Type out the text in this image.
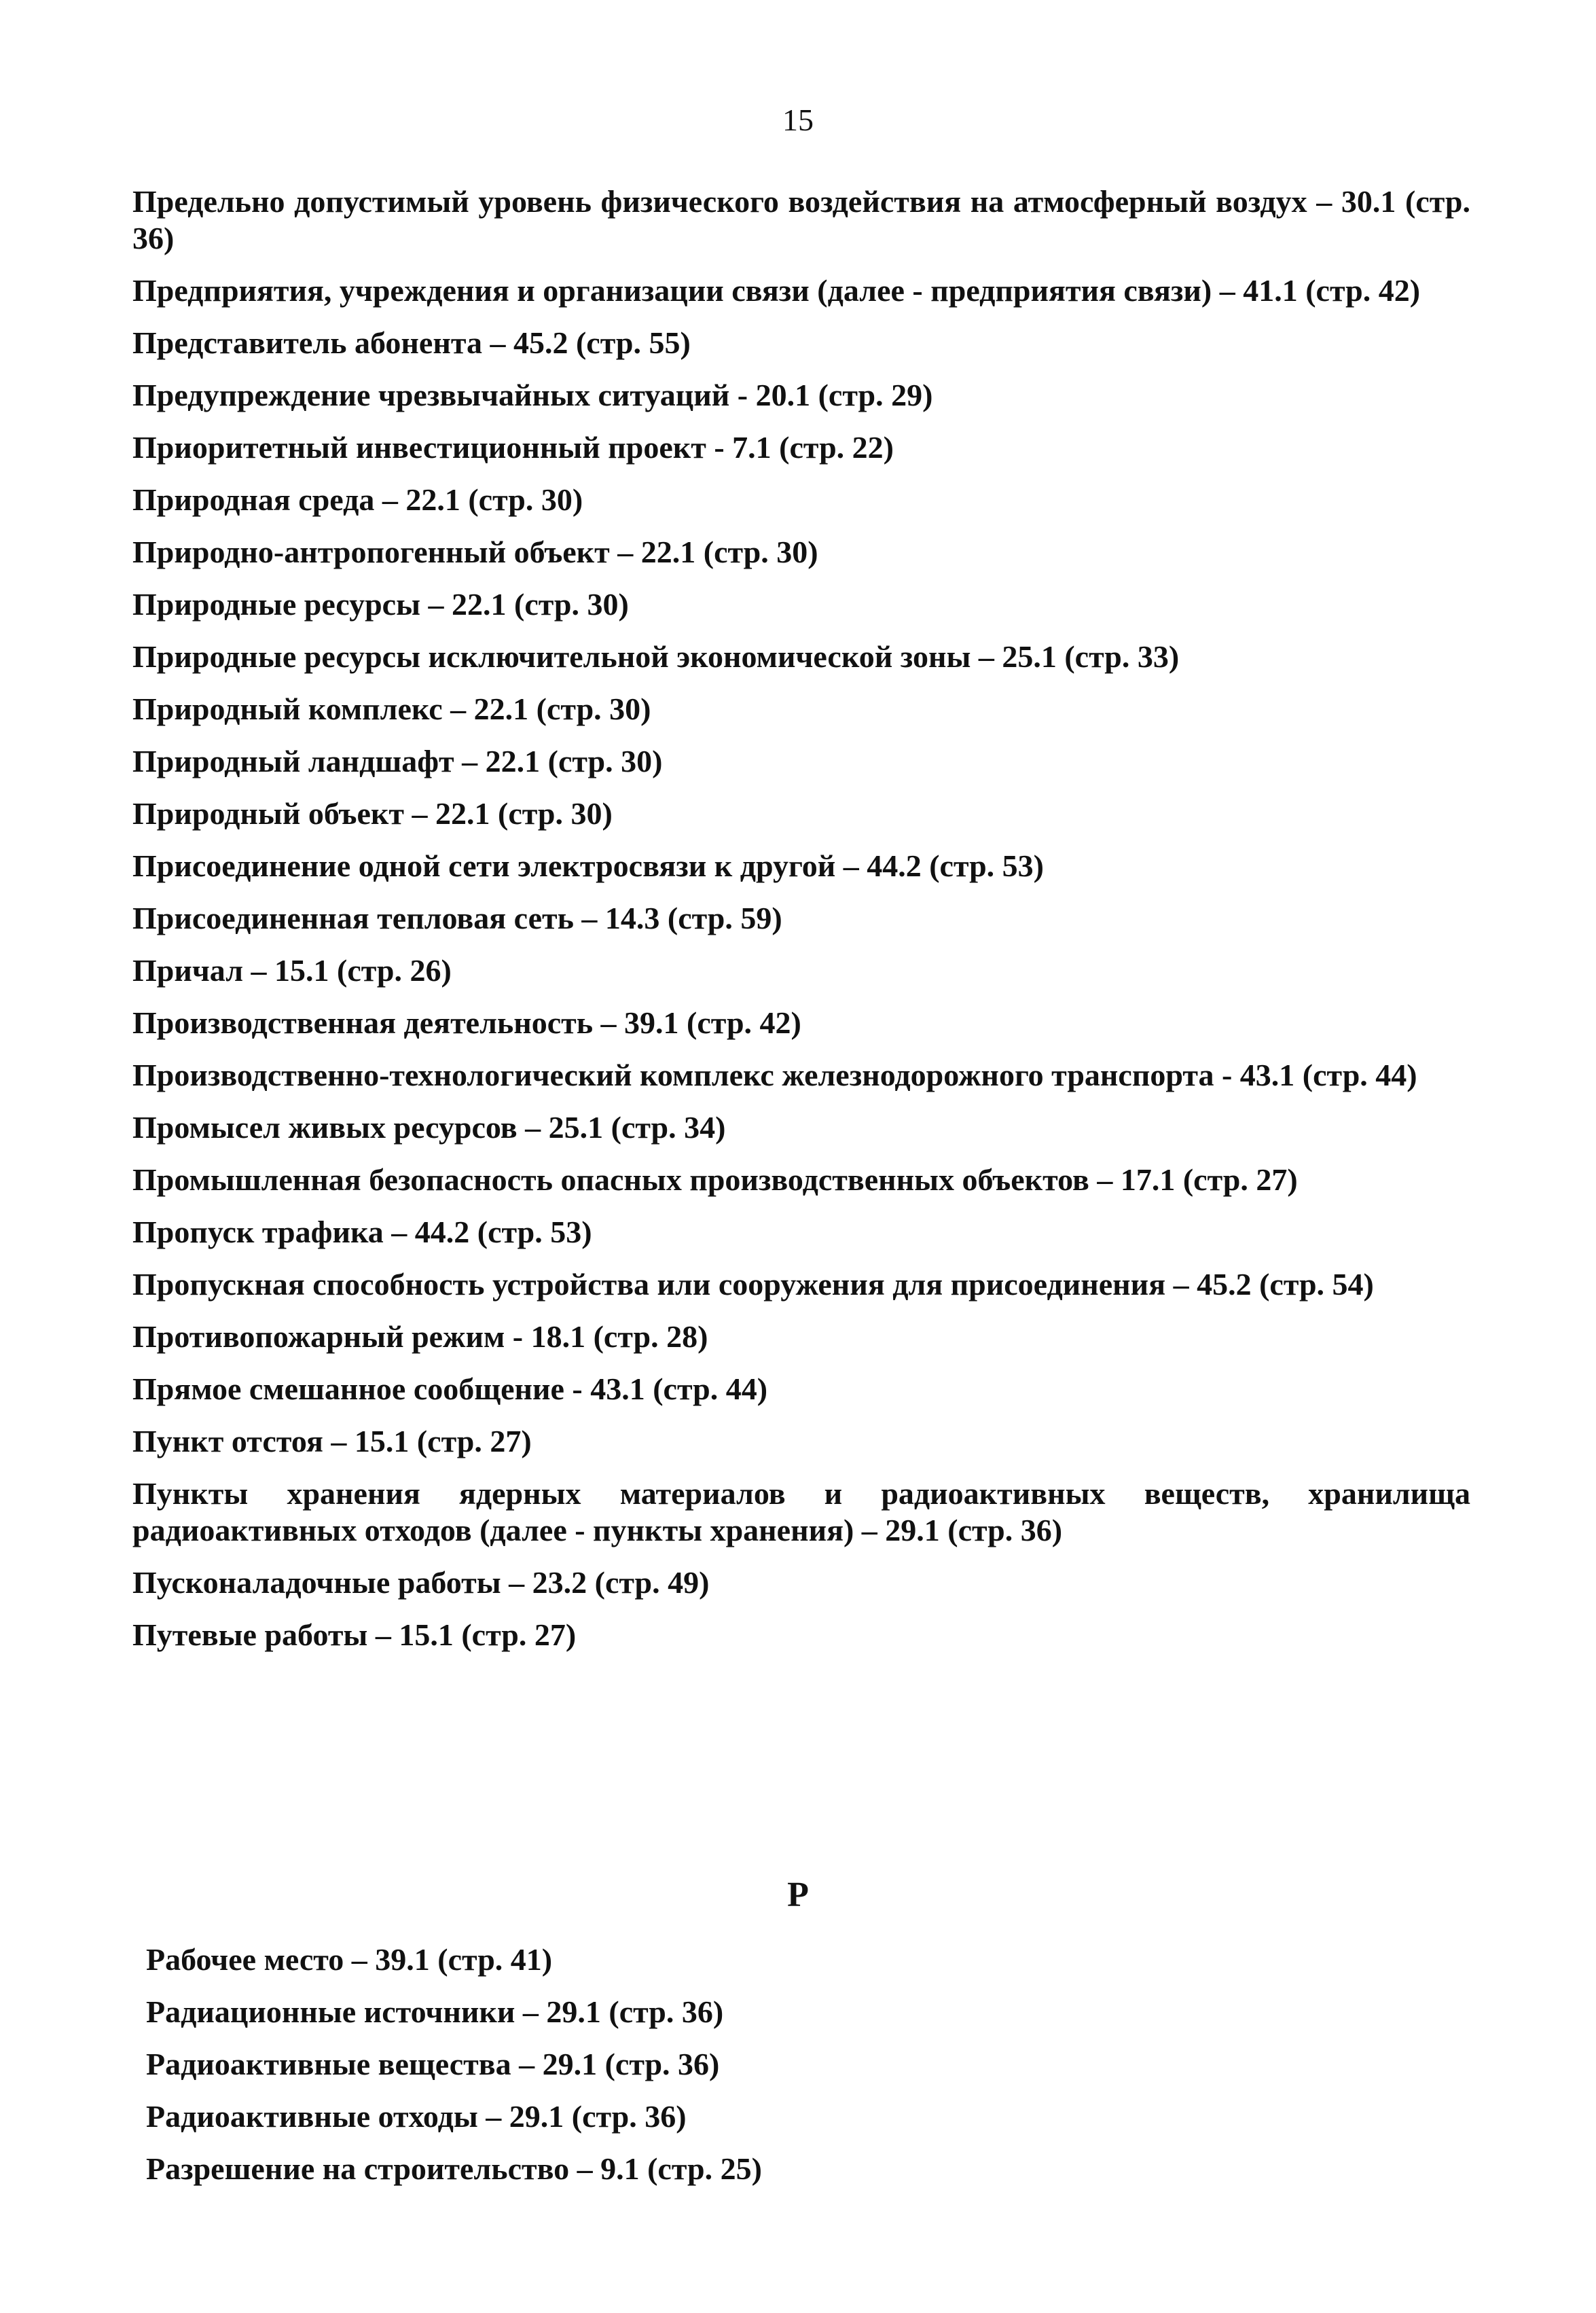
15
Предельно допустимый уровень физического воздействия на атмосферный воздух – 30.1 (стр. 36)
Предприятия, учреждения и организации связи (далее - предприятия связи) – 41.1 (стр. 42)
Представитель абонента – 45.2 (стр. 55)
Предупреждение чрезвычайных ситуаций - 20.1 (стр. 29)
Приоритетный инвестиционный проект - 7.1 (стр. 22)
Природная среда – 22.1 (стр. 30)
Природно-антропогенный объект – 22.1 (стр. 30)
Природные ресурсы – 22.1 (стр. 30)
Природные ресурсы исключительной экономической зоны – 25.1 (стр. 33)
Природный комплекс – 22.1 (стр. 30)
Природный ландшафт – 22.1 (стр. 30)
Природный объект – 22.1 (стр. 30)
Присоединение одной сети электросвязи к другой – 44.2 (стр. 53)
Присоединенная тепловая сеть – 14.3 (стр. 59)
Причал – 15.1 (стр. 26)
Производственная деятельность – 39.1 (стр. 42)
Производственно-технологический комплекс железнодорожного транспорта - 43.1 (стр. 44)
Промысел живых ресурсов – 25.1 (стр. 34)
Промышленная безопасность опасных производственных объектов – 17.1 (стр. 27)
Пропуск трафика – 44.2 (стр. 53)
Пропускная способность устройства или сооружения для присоединения – 45.2 (стр. 54)
Противопожарный режим - 18.1 (стр. 28)
Прямое смешанное сообщение - 43.1 (стр. 44)
Пункт отстоя – 15.1 (стр. 27)
Пункты хранения ядерных материалов и радиоактивных веществ, хранилища радиоактивных отходов (далее - пункты хранения) – 29.1 (стр. 36)
Пусконаладочные работы – 23.2 (стр. 49)
Путевые работы – 15.1 (стр. 27)
Р
Рабочее место – 39.1 (стр. 41)
Радиационные источники – 29.1 (стр. 36)
Радиоактивные вещества – 29.1 (стр. 36)
Радиоактивные отходы – 29.1 (стр. 36)
Разрешение на строительство – 9.1 (стр. 25)
